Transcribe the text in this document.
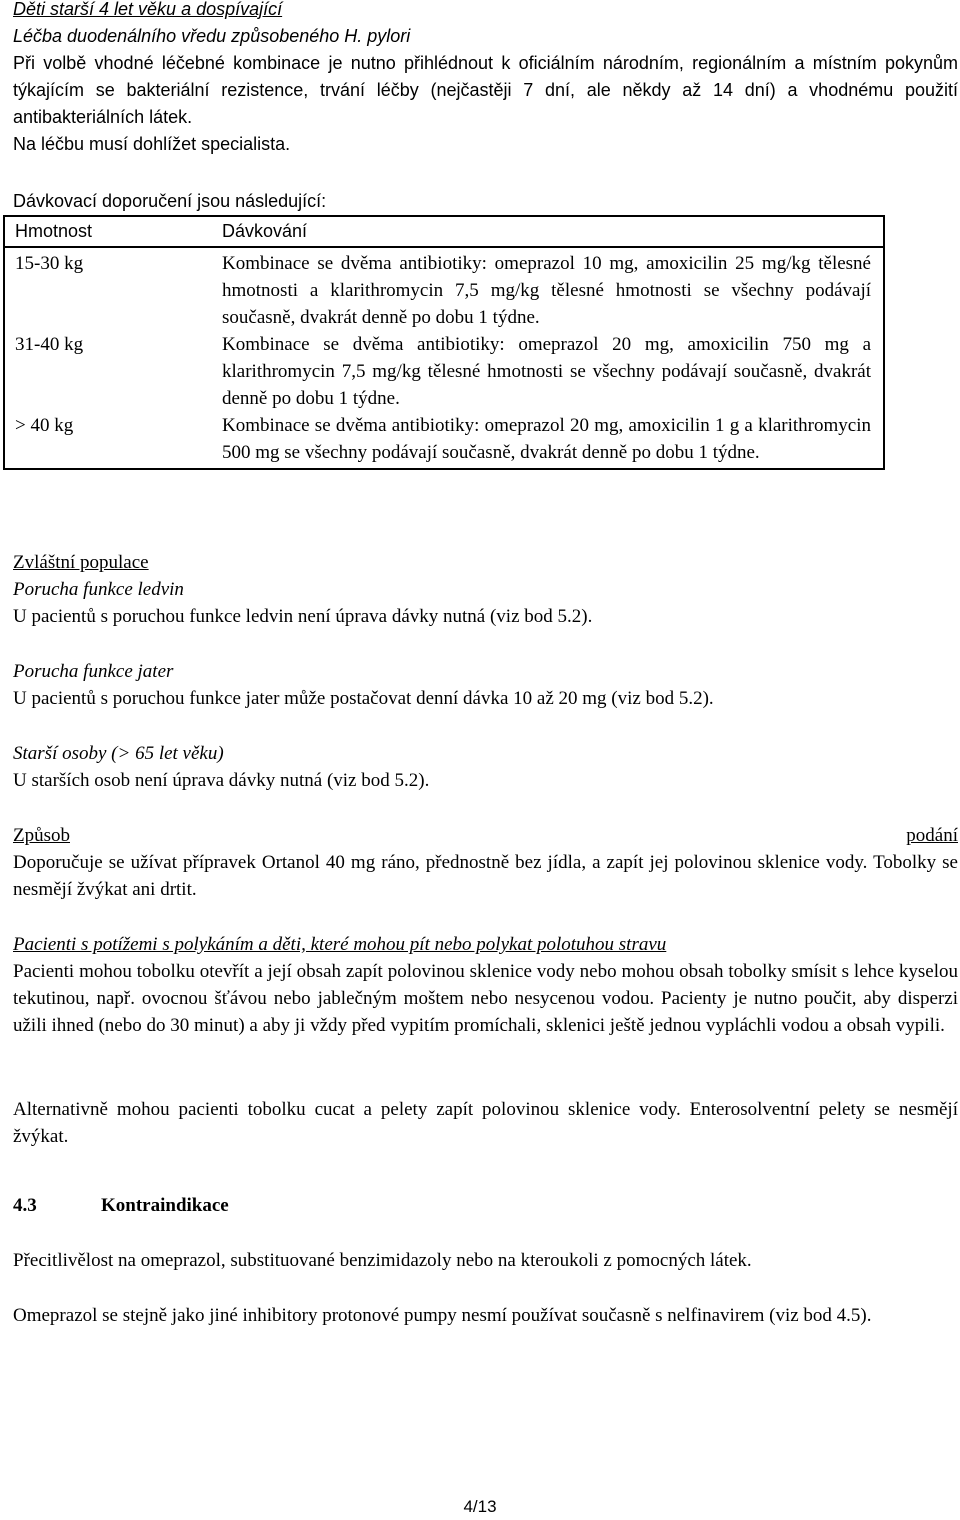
Děti starší 4 let věku a dospívající

Léčba duodenálního vředu způsobeného H. pylori

Při volbě vhodné léčebné kombinace je nutno přihlédnout k oficiálním národním, regionálním a místním pokynům týkajícím se bakteriální rezistence, trvání léčby (nejčastěji 7 dní, ale někdy až 14 dní) a vhodnému použití antibakteriálních látek.

Na léčbu musí dohlížet specialista.

Dávkovací doporučení jsou následující:
Hmotnost	Dávkování
15-30 kg	Kombinace se dvěma antibiotiky: omeprazol 10 mg, amoxicilin 25 mg/kg tělesné hmotnosti a klarithromycin 7,5 mg/kg tělesné hmotnosti se všechny podávají současně, dvakrát denně po dobu 1 týdne.
31-40 kg	Kombinace se dvěma antibiotiky: omeprazol 20 mg, amoxicilin 750 mg a klarithromycin 7,5 mg/kg tělesné hmotnosti se všechny podávají současně, dvakrát denně po dobu 1 týdne.
> 40 kg	Kombinace se dvěma antibiotiky: omeprazol 20 mg, amoxicilin 1 g a klarithromycin 500 mg se všechny podávají současně, dvakrát denně po dobu 1 týdne.

Zvláštní populace

Porucha funkce ledvin

U pacientů s poruchou funkce ledvin není úprava dávky nutná (viz bod 5.2).

Porucha funkce jater

U pacientů s poruchou funkce jater může postačovat denní dávka 10 až 20 mg (viz bod 5.2).

Starší osoby (> 65 let věku)

U starších osob není úprava dávky nutná (viz bod 5.2).

Způsob	podání

Doporučuje se užívat přípravek Ortanol 40 mg ráno, přednostně bez jídla, a zapít jej polovinou sklenice vody. Tobolky se nesmějí žvýkat ani drtit.

Pacienti s potížemi s polykáním a děti, které mohou pít nebo polykat polotuhou stravu

Pacienti mohou tobolku otevřít a její obsah zapít polovinou sklenice vody nebo mohou obsah tobolky smísit s lehce kyselou tekutinou, např. ovocnou šťávou nebo jablečným moštem nebo nesycenou vodou. Pacienty je nutno poučit, aby disperzi užili ihned (nebo do 30 minut) a aby ji vždy před vypitím promíchali, sklenici ještě jednou vypláchli vodou a obsah vypili.

Alternativně mohou pacienti tobolku cucat a pelety zapít polovinou sklenice vody. Enterosolventní pelety se nesmějí žvýkat.

4.3	Kontraindikace

Přecitlivělost na omeprazol, substituované benzimidazoly nebo na kteroukoli z pomocných látek.
Omeprazol se stejně jako jiné inhibitory protonové pumpy nesmí používat současně s nelfinavirem (viz bod 4.5).
4/13
